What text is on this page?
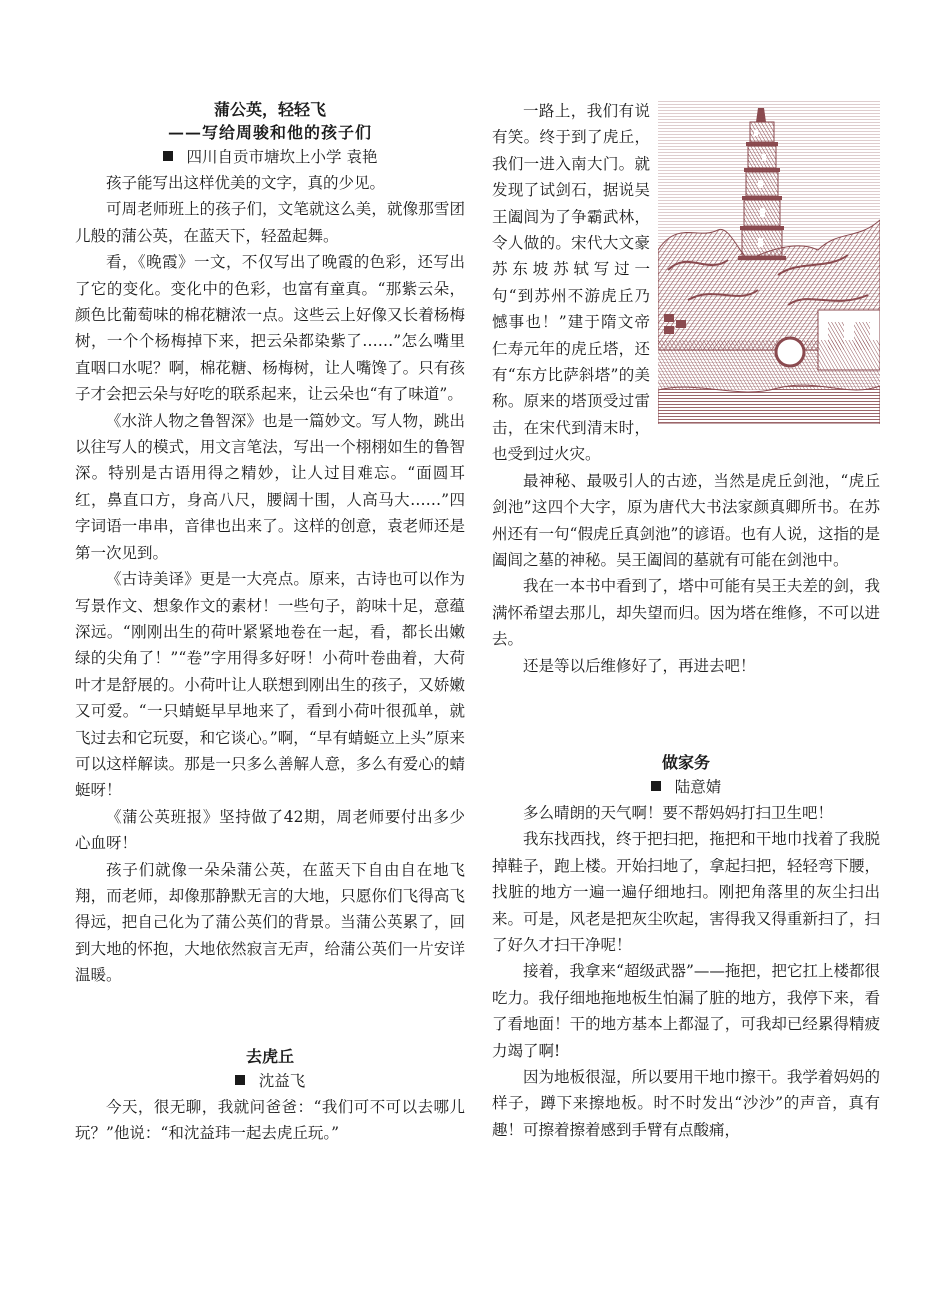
蒲公英，轻轻飞
——写给周骏和他的孩子们
四川自贡市塘坎上小学 袁艳

孩子能写出这样优美的文字，真的少见。

可周老师班上的孩子们，文笔就这么美，就像那雪团儿般的蒲公英，在蓝天下，轻盈起舞。

看，《晚霞》一文，不仅写出了晚霞的色彩，还写出了它的变化。变化中的色彩，也富有童真。“那紫云朵，颜色比葡萄味的棉花糖浓一点。这些云上好像又长着杨梅树，一个个杨梅掉下来，把云朵都染紫了……”怎么嘴里直咽口水呢？啊，棉花糖、杨梅树，让人嘴馋了。只有孩子才会把云朵与好吃的联系起来，让云朵也“有了味道”。

《水浒人物之鲁智深》也是一篇妙文。写人物，跳出以往写人的模式，用文言笔法，写出一个栩栩如生的鲁智深。特别是古语用得之精妙，让人过目难忘。“面圆耳红，鼻直口方，身高八尺，腰阔十围，人高马大……”四字词语一串串，音律也出来了。这样的创意，袁老师还是第一次见到。

《古诗美译》更是一大亮点。原来，古诗也可以作为写景作文、想象作文的素材！一些句子，韵味十足，意蕴深远。“刚刚出生的荷叶紧紧地卷在一起，看，都长出嫩绿的尖角了！”“卷”字用得多好呀！小荷叶卷曲着，大荷叶才是舒展的。小荷叶让人联想到刚出生的孩子，又娇嫩又可爱。“一只蜻蜓早早地来了，看到小荷叶很孤单，就飞过去和它玩耍，和它谈心。”啊，“早有蜻蜓立上头”原来可以这样解读。那是一只多么善解人意，多么有爱心的蜻蜓呀！

《蒲公英班报》坚持做了42期，周老师要付出多少心血呀！

孩子们就像一朵朵蒲公英，在蓝天下自由自在地飞翔，而老师，却像那静默无言的大地，只愿你们飞得高飞得远，把自己化为了蒲公英们的背景。当蒲公英累了，回到大地的怀抱，大地依然寂言无声，给蒲公英们一片安详温暖。

去虎丘
沈益飞

今天，很无聊，我就问爸爸：“我们可不可以去哪儿玩？”他说：“和沈益玮一起去虎丘玩。”

一路上，我们有说有笑。终于到了虎丘，我们一进入南大门。就发现了试剑石，据说吴王阖闾为了争霸武林，令人做的。宋代大文豪苏东坡苏轼写过一句“到苏州不游虎丘乃憾事也！”建于隋文帝仁寿元年的虎丘塔，还有“东方比萨斜塔”的美称。原来的塔顶受过雷击，在宋代到清末时，也受到过火灾。

最神秘、最吸引人的古迹，当然是虎丘剑池，“虎丘剑池”这四个大字，原为唐代大书法家颜真卿所书。在苏州还有一句“假虎丘真剑池”的谚语。也有人说，这指的是阖闾之墓的神秘。吴王阖闾的墓就有可能在剑池中。

我在一本书中看到了，塔中可能有吴王夫差的剑，我满怀希望去那儿，却失望而归。因为塔在维修，不可以进去。

还是等以后维修好了，再进去吧！

做家务
陆意婧

多么晴朗的天气啊！要不帮妈妈打扫卫生吧！

我东找西找，终于把扫把，拖把和干地巾找着了我脱掉鞋子，跑上楼。开始扫地了，拿起扫把，轻轻弯下腰，找脏的地方一遍一遍仔细地扫。刚把角落里的灰尘扫出来。可是，风老是把灰尘吹起，害得我又得重新扫了，扫了好久才扫干净呢！

接着，我拿来“超级武器”——拖把，把它扛上楼都很吃力。我仔细地拖地板生怕漏了脏的地方，我停下来，看了看地面！干的地方基本上都湿了，可我却已经累得精疲力竭了啊!

因为地板很湿，所以要用干地巾擦干。我学着妈妈的样子，蹲下来擦地板。时不时发出“沙沙”的声音，真有趣！可擦着擦着感到手臂有点酸痛，
